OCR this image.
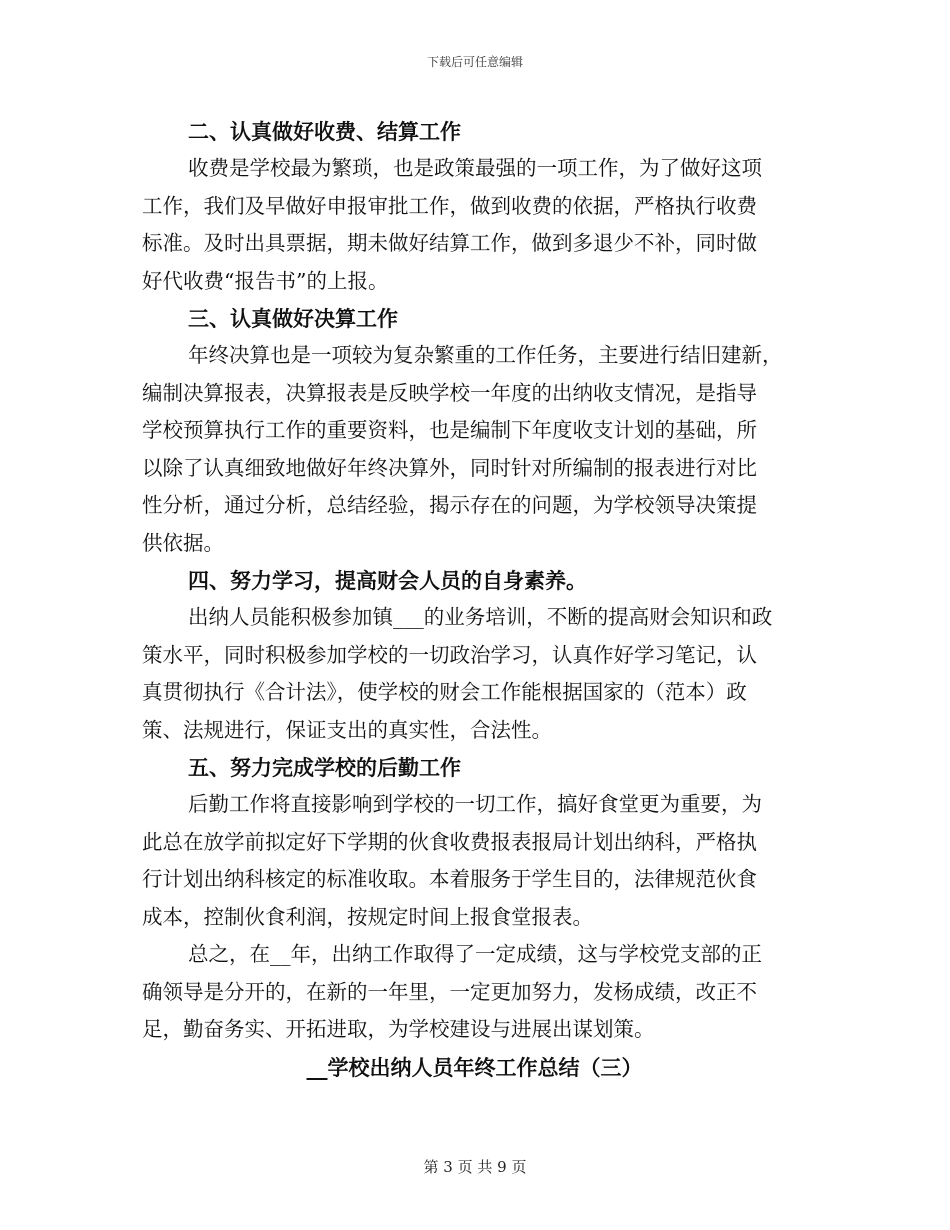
下载后可任意编辑

二、认真做好收费、结算工作

收费是学校最为繁琐，也是政策最强的一项工作，为了做好这项
工作，我们及早做好申报审批工作，做到收费的依据，严格执行收费
标准。及时出具票据，期未做好结算工作，做到多退少不补，同时做
好代收费“报告书”的上报。

三、认真做好决算工作

年终决算也是一项较为复杂繁重的工作任务，主要进行结旧建新，
编制决算报表，决算报表是反映学校一年度的出纳收支情况，是指导
学校预算执行工作的重要资料，也是编制下年度收支计划的基础，所
以除了认真细致地做好年终决算外，同时针对所编制的报表进行对比
性分析，通过分析，总结经验，揭示存在的问题，为学校领导决策提
供依据。

四、努力学习，提高财会人员的自身素养。

出纳人员能积极参加镇___的业务培训，不断的提高财会知识和政
策水平，同时积极参加学校的一切政治学习，认真作好学习笔记，认
真贯彻执行《合计法》，使学校的财会工作能根据国家的（范本）政
策、法规进行，保证支出的真实性，合法性。

五、努力完成学校的后勤工作

后勤工作将直接影响到学校的一切工作，搞好食堂更为重要，为
此总在放学前拟定好下学期的伙食收费报表报局计划出纳科，严格执
行计划出纳科核定的标准收取。本着服务于学生目的，法律规范伙食
成本，控制伙食利润，按规定时间上报食堂报表。
总之，在__年，出纳工作取得了一定成绩，这与学校党支部的正
确领导是分开的，在新的一年里，一定更加努力，发杨成绩，改正不
足，勤奋务实、开拓进取，为学校建设与进展出谋划策。

__学校出纳人员年终工作总结（三）

第 3 页 共 9 页
